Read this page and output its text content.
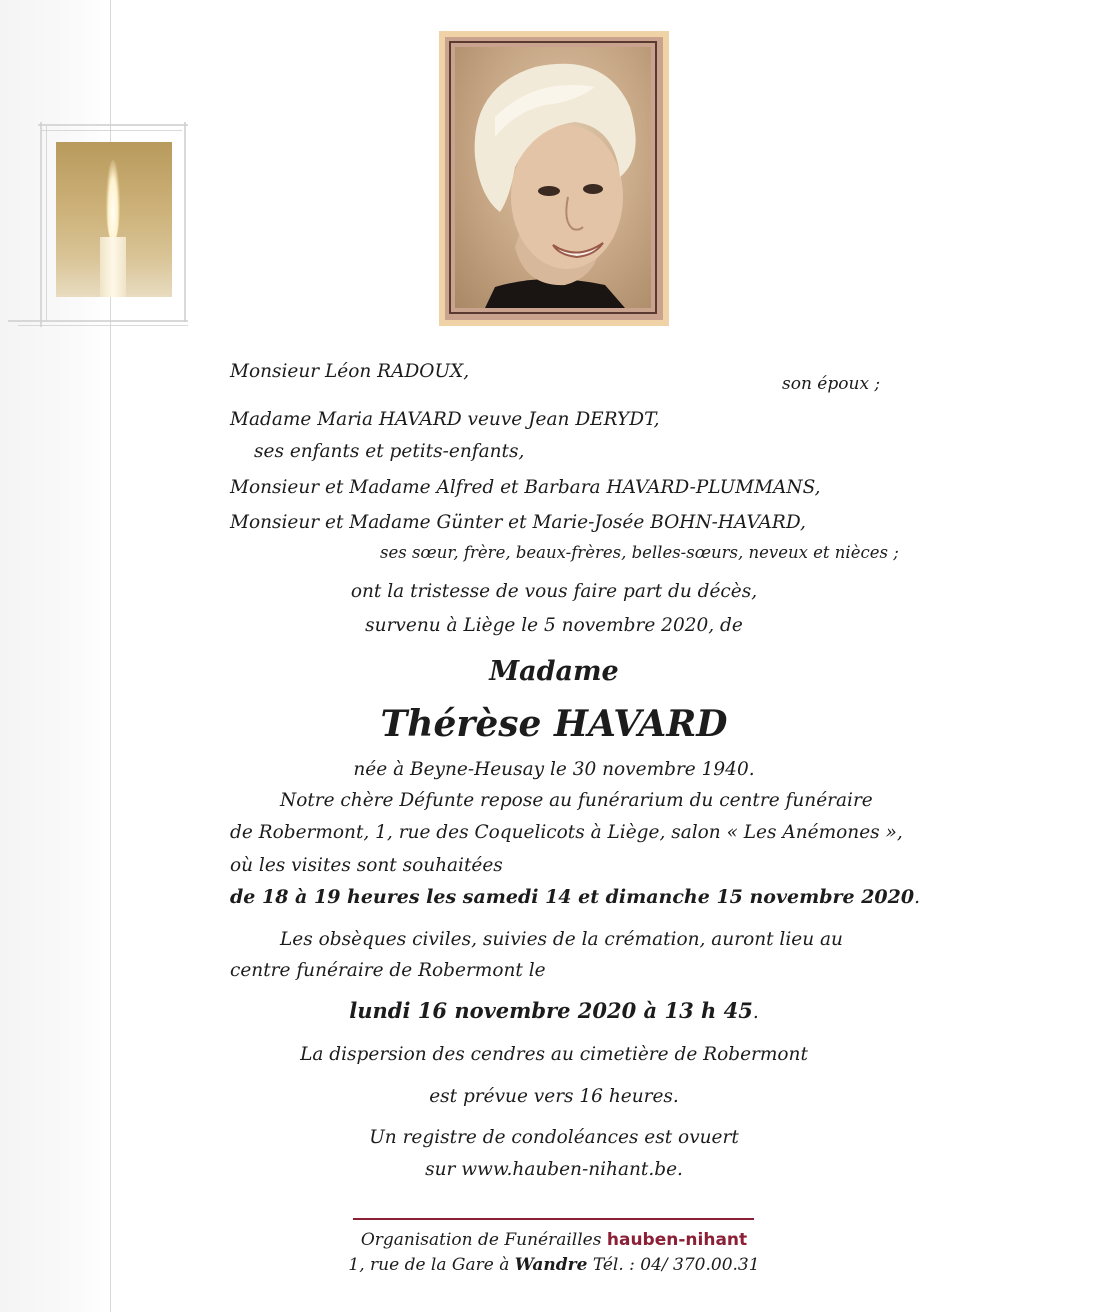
Monsieur Léon RADOUX,
son époux ;
Madame Maria HAVARD veuve Jean DERYDT,
ses enfants et petits-enfants,
Monsieur et Madame Alfred et Barbara HAVARD-PLUMMANS,
Monsieur et Madame Günter et Marie-Josée BOHN-HAVARD,
ses sœur, frère, beaux-frères, belles-sœurs, neveux et nièces ;
ont la tristesse de vous faire part du décès,
survenu à Liège le 5 novembre 2020, de
Madame
Thérèse HAVARD
née à Beyne-Heusay le 30 novembre 1940.
Notre chère Défunte repose au funérarium du centre funéraire
de Robermont, 1, rue des Coquelicots à Liège, salon « Les Anémones »,
où les visites sont souhaitées
de 18 à 19 heures les samedi 14 et dimanche 15 novembre 2020.
Les obsèques civiles, suivies de la crémation, auront lieu au
centre funéraire de Robermont le
lundi 16 novembre 2020 à 13 h 45.
La dispersion des cendres au cimetière de Robermont
est prévue vers 16 heures.
Un registre de condoléances est ovuert
sur www.hauben-nihant.be.
Organisation de Funérailles hauben-nihant
1, rue de la Gare à Wandre Tél. : 04/ 370.00.31
